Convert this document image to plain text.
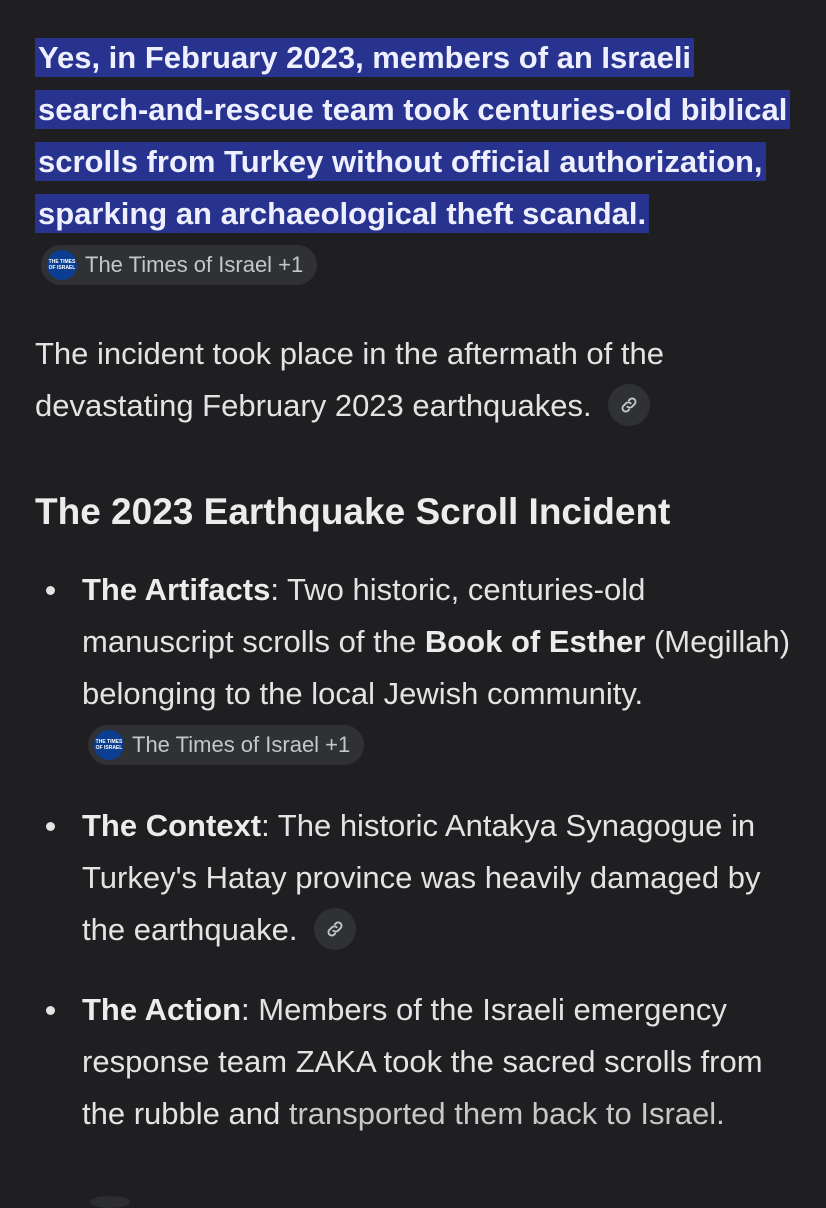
Yes, in February 2023, members of an Israeli search-and-rescue team took centuries-old biblical scrolls from Turkey without official authorization, sparking an archaeological theft scandal.
THE TIMES
OF ISRAEL The Times of Israel +1

The incident took place in the aftermath of the devastating February 2023 earthquakes.

The 2023 Earthquake Scroll Incident
The Artifacts: Two historic, centuries-old manuscript scrolls of the Book of Esther (Megillah) belonging to the local Jewish community.
THE TIMES
OF ISRAEL The Times of Israel +1
The Context: The historic Antakya Synagogue in Turkey's Hatay province was heavily damaged by the earthquake.
The Action: Members of the Israeli emergency response team ZAKA took the sacred scrolls from the rubble and transported them back to Israel.
